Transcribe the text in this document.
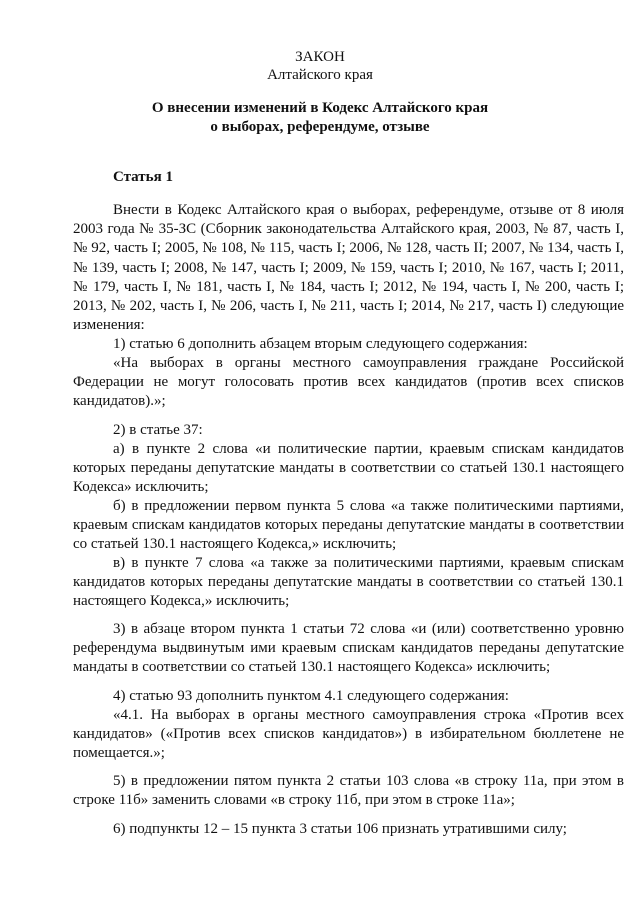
ЗАКОН
Алтайского края
О внесении изменений в Кодекс Алтайского края
о выборах, референдуме, отзыве
Статья 1

Внести в Кодекс Алтайского края о выборах, референдуме, отзыве от 8 июля 2003 года № 35-ЗС (Сборник законодательства Алтайского края, 2003, № 87, часть I, № 92, часть I; 2005, № 108, № 115, часть I; 2006, № 128, часть II; 2007, № 134, часть I, № 139, часть I; 2008, № 147, часть I; 2009, № 159, часть I; 2010, № 167, часть I; 2011, № 179, часть I, № 181, часть I, № 184, часть I; 2012, № 194, часть I, № 200, часть I; 2013, № 202, часть I, № 206, часть I, № 211, часть I; 2014, № 217, часть I) следующие изменения:

1) статью 6 дополнить абзацем вторым следующего содержания:

«На выборах в органы местного самоуправления граждане Российской Федерации не могут голосовать против всех кандидатов (против всех списков кандидатов).»;

2) в статье 37:

а) в пункте 2 слова «и политические партии, краевым спискам кандидатов которых переданы депутатские мандаты в соответствии со статьей 130.1 настоящего Кодекса» исключить;

б) в предложении первом пункта 5 слова «а также политическими партиями, краевым спискам кандидатов которых переданы депутатские мандаты в соответствии со статьей 130.1 настоящего Кодекса,» исключить;

в) в пункте 7 слова «а также за политическими партиями, краевым спискам кандидатов которых переданы депутатские мандаты в соответствии со статьей 130.1 настоящего Кодекса,» исключить;

3) в абзаце втором пункта 1 статьи 72 слова «и (или) соответственно уровню референдума выдвинутым ими краевым спискам кандидатов переданы депутатские мандаты в соответствии со статьей 130.1 настоящего Кодекса» исключить;

4) статью 93 дополнить пунктом 4.1 следующего содержания:

«4.1. На выборах в органы местного самоуправления строка «Против всех кандидатов» («Против всех списков кандидатов») в избирательном бюллетене не помещается.»;

5) в предложении пятом пункта 2 статьи 103 слова «в строку 11а, при этом в строке 11б» заменить словами «в строку 11б, при этом в строке 11а»;

6) подпункты 12 – 15 пункта 3 статьи 106 признать утратившими силу;
